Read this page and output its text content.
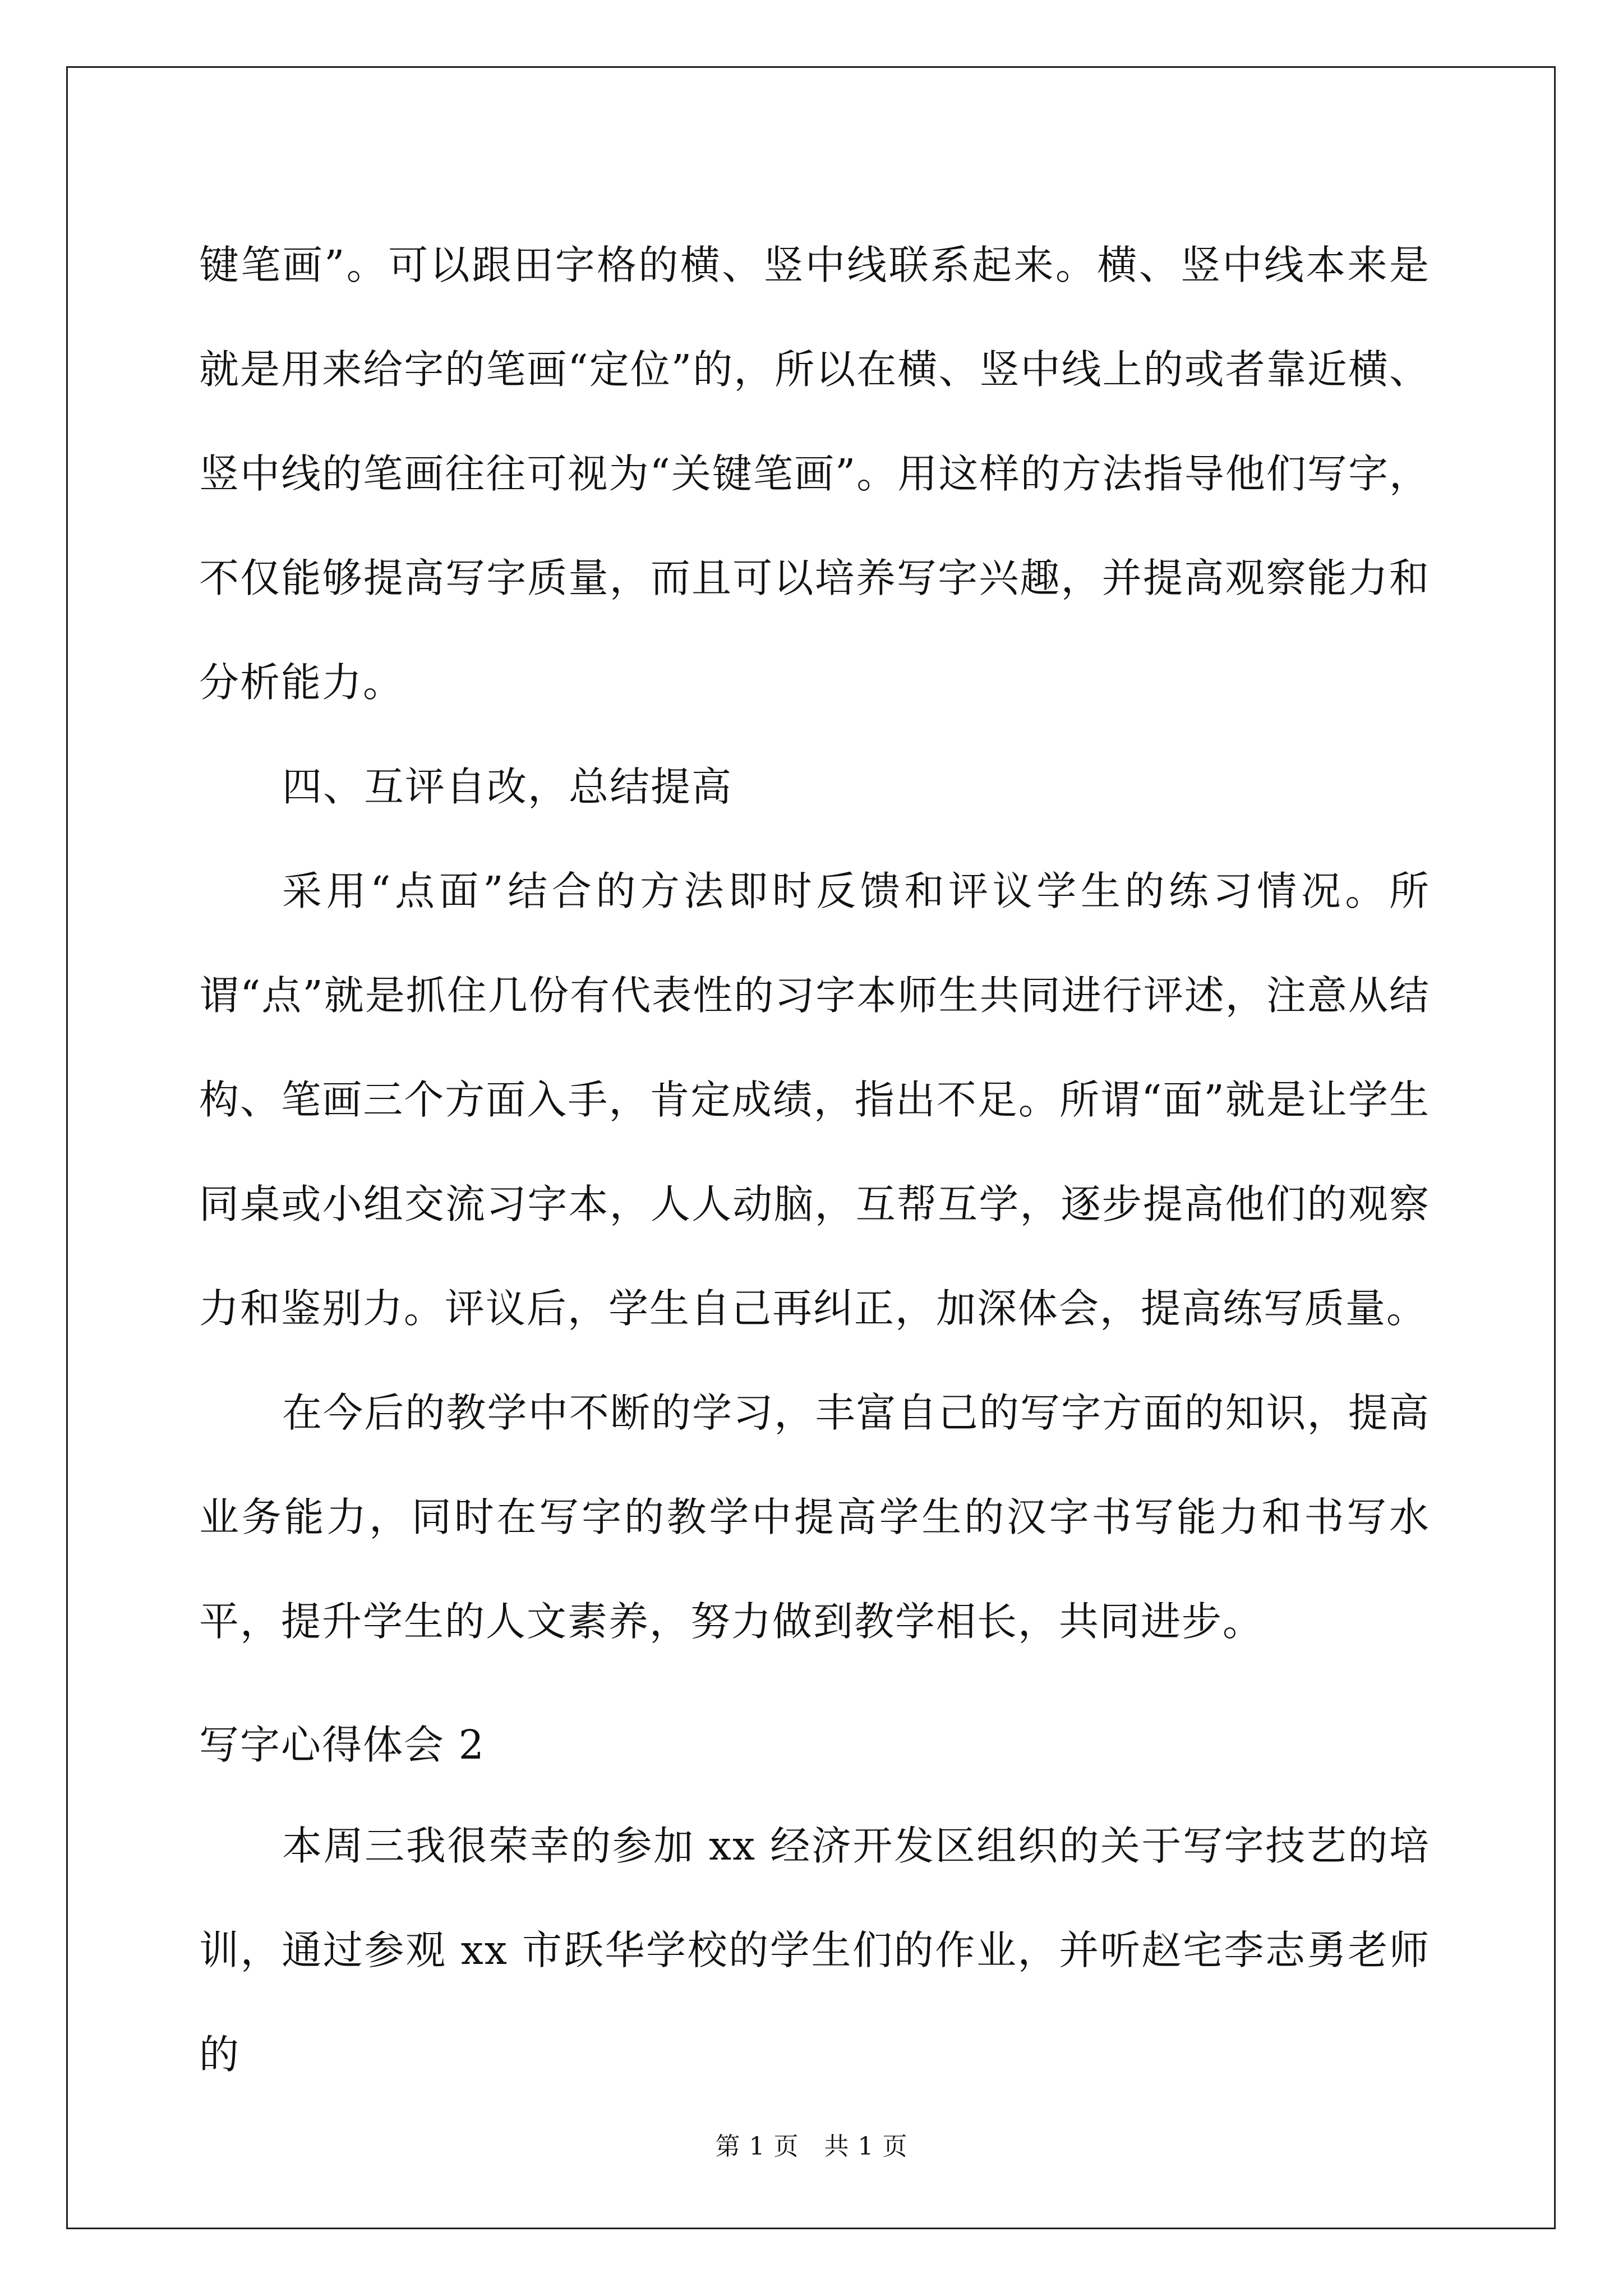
键笔画”。可以跟田字格的横、竖中线联系起来。横、竖中线本来是就是用来给字的笔画“定位”的，所以在横、竖中线上的或者靠近横、竖中线的笔画往往可视为“关键笔画”。用这样的方法指导他们写字，不仅能够提高写字质量，而且可以培养写字兴趣，并提高观察能力和分析能力。

四、互评自改，总结提高

采用“点面”结合的方法即时反馈和评议学生的练习情况。所谓“点”就是抓住几份有代表性的习字本师生共同进行评述，注意从结构、笔画三个方面入手，肯定成绩，指出不足。所谓“面”就是让学生同桌或小组交流习字本，人人动脑，互帮互学，逐步提高他们的观察力和鉴别力。评议后，学生自己再纠正，加深体会，提高练写质量。

在今后的教学中不断的学习，丰富自己的写字方面的知识，提高业务能力，同时在写字的教学中提高学生的汉字书写能力和书写水平，提升学生的人文素养，努力做到教学相长，共同进步。

写字心得体会 2

本周三我很荣幸的参加 xx 经济开发区组织的关于写字技艺的培训，通过参观 xx 市跃华学校的学生们的作业，并听赵宅李志勇老师的

第 1 页　共 1 页
